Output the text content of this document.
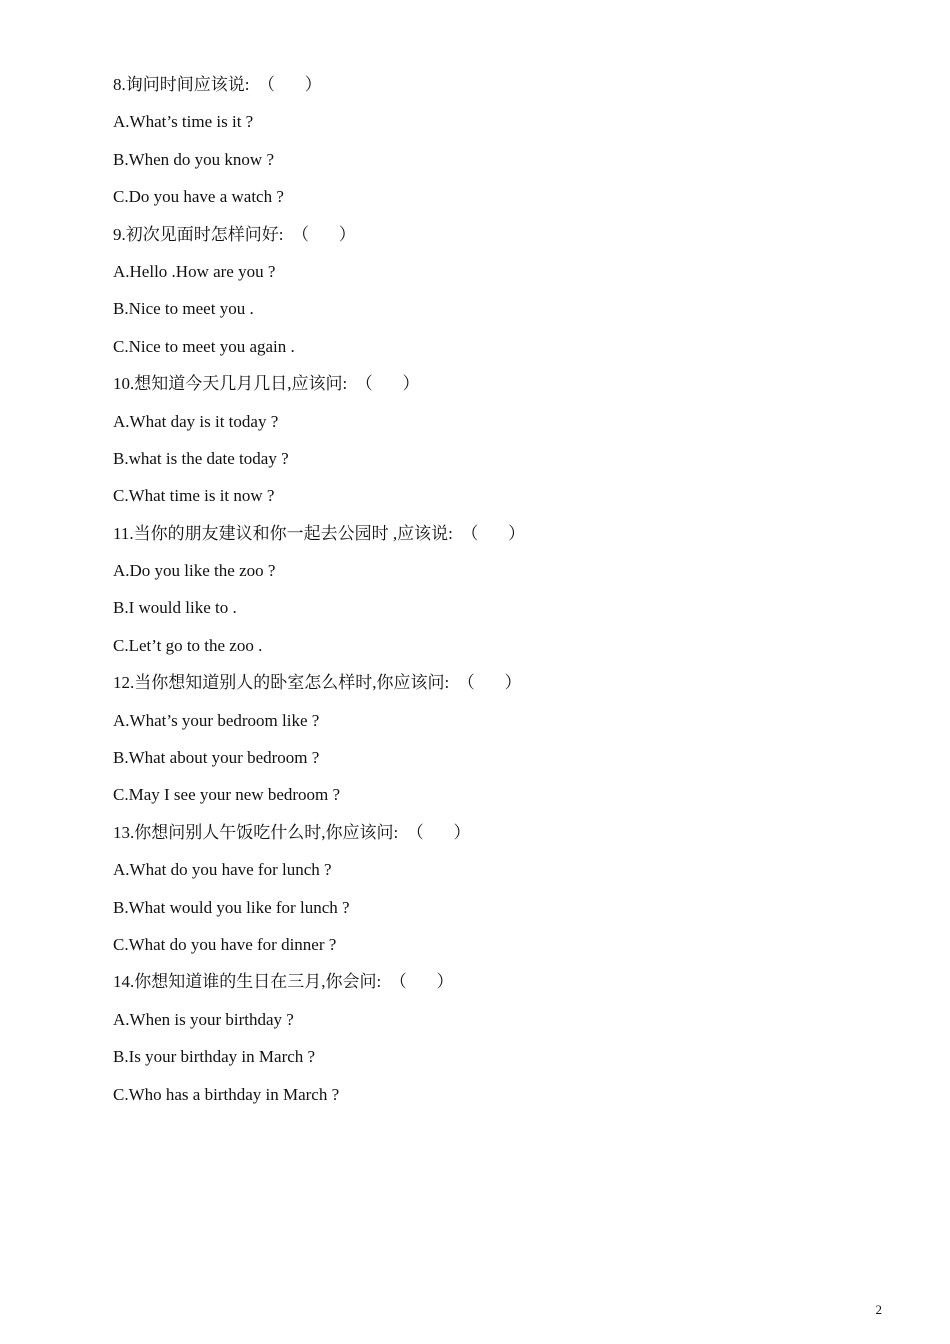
8.询问时间应该说:  （       ）
A.What’s time is it ?
B.When do you know ?
C.Do you have a watch ?
9.初次见面时怎样问好:  （       ）
A.Hello .How are you ?
B.Nice to meet you .
C.Nice to meet you again .
10.想知道今天几月几日,应该问:  （       ）
A.What day is it today ?
B.what is the date today ?
C.What time is it now ?
11.当你的朋友建议和你一起去公园时 ,应该说:  （       ）
A.Do you like the zoo ?
B.I would like to .
C.Let’t go to the zoo .
12.当你想知道别人的卧室怎么样时,你应该问:  （       ）
A.What’s your bedroom like ?
B.What about your bedroom ?
C.May I see your new bedroom ?
13.你想问别人午饭吃什么时,你应该问:  （       ）
A.What do you have for lunch ?
B.What would you like for lunch ?
C.What do you have for dinner ?
14.你想知道谁的生日在三月,你会问:  （       ）
A.When is your birthday ?
B.Is your birthday in March ?
C.Who has a birthday in March ?
2
